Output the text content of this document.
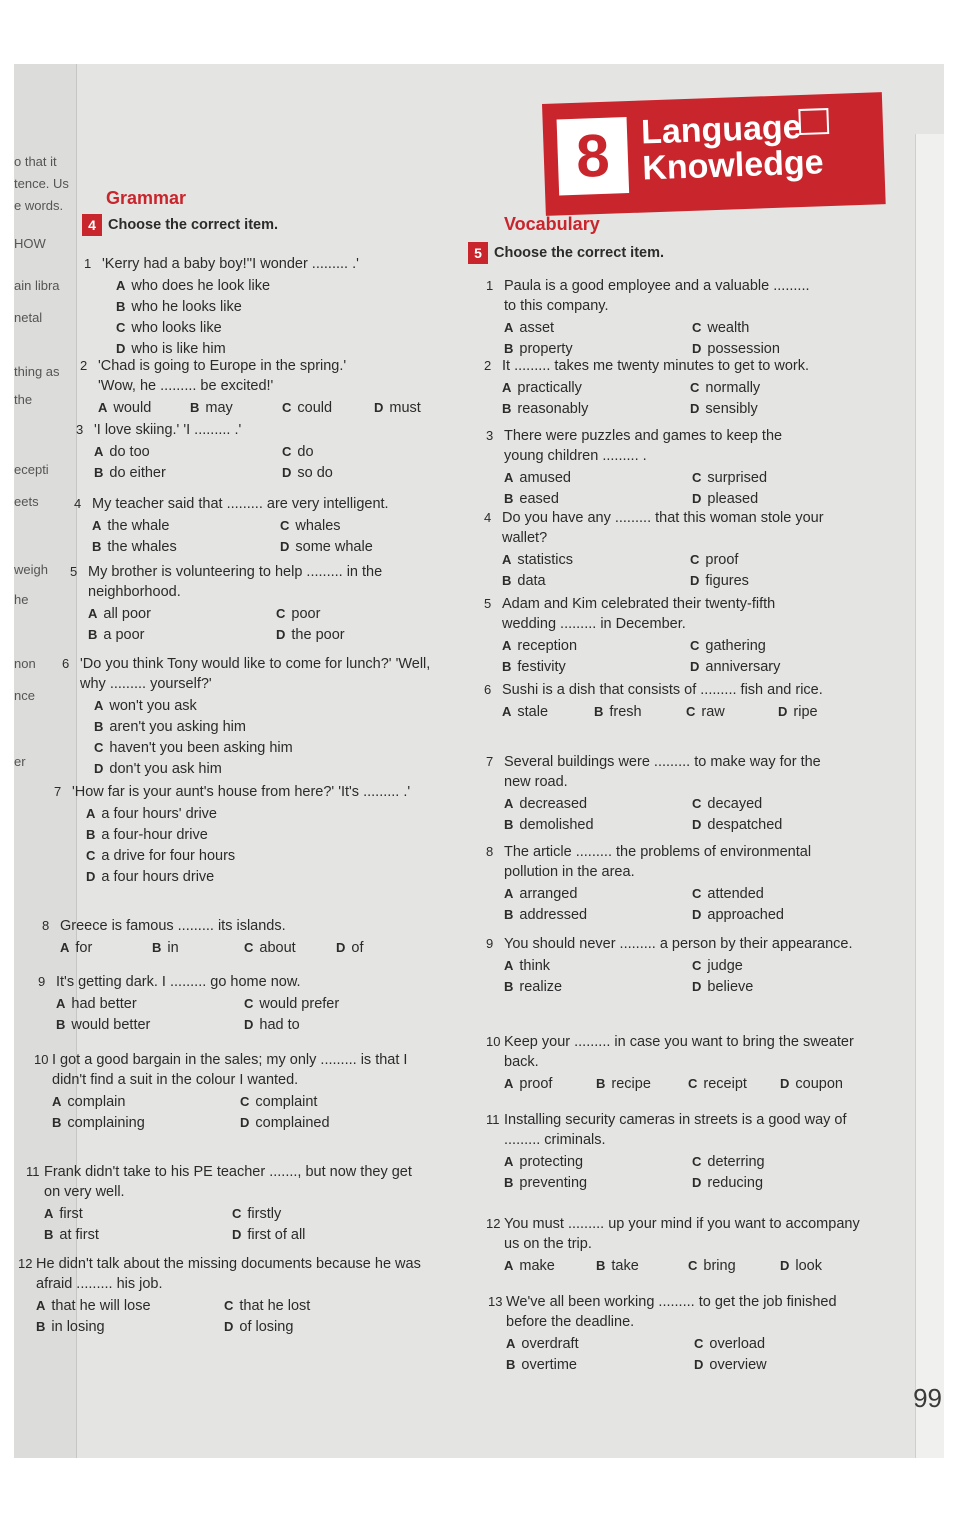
o that it
tence. Us
e words.
HOW
ain libra
netal
thing as
the
ecepti
eets
weigh
he
non
nce
er
8 Language
Knowledge
Grammar
4 Choose the correct item.	Vocabulary
5 Choose the correct item.
1 'Kerry had a baby boy!''I wonder ......... .'
A who does he look like
B who he looks like
C who looks like
D who is like him
2 'Chad is going to Europe in the spring.' 'Wow, he ......... be excited!'
A would	B may	C could	D must
3 'I love skiing.' 'I ......... .'
A do too
B do either
C do
D so do
4 My teacher said that ......... are very intelligent.
A the whale
B the whales
C whales
D some whale
5 My brother is volunteering to help ......... in the neighborhood.
A all poor
B a poor
C poor
D the poor
6 'Do you think Tony would like to come for lunch?' 'Well, why ......... yourself?'
A won't you ask
B aren't you asking him
C haven't you been asking him
D don't you ask him
7 'How far is your aunt's house from here?' 'It's ......... .'
A a four hours' drive
B a four-hour drive
C a drive for four hours
D a four hours drive
8 Greece is famous ......... its islands.
A for	B in	C about	D of
9 It's getting dark. I ......... go home now.
A had better
B would better
C would prefer
D had to
10 I got a good bargain in the sales; my only ......... is that I didn't find a suit in the colour I wanted.
A complain
B complaining
C complaint
D complained
11 Frank didn't take to his PE teacher ......., but now they get on very well.
A first
B at first
C firstly
D first of all
12 He didn't talk about the missing documents because he was afraid ......... his job.
A that he will lose
B in losing
C that he lost
D of losing
1 Paula is a good employee and a valuable ......... to this company.
A asset
B property
C wealth
D possession
2 It ......... takes me twenty minutes to get to work.
A practically
B reasonably
C normally
D sensibly
3 There were puzzles and games to keep the young children ......... .
A amused
B eased
C surprised
D pleased
4 Do you have any ......... that this woman stole your wallet?
A statistics
B data
C proof
D figures
5 Adam and Kim celebrated their twenty-fifth wedding ......... in December.
A reception
B festivity
C gathering
D anniversary
6 Sushi is a dish that consists of ......... fish and rice.
A stale	B fresh	C raw	D ripe
7 Several buildings were ......... to make way for the new road.
A decreased
B demolished
C decayed
D despatched
8 The article ......... the problems of environmental pollution in the area.
A arranged
B addressed
C attended
D approached
9 You should never ......... a person by their appearance.
A think
B realize
C judge
D believe
10 Keep your ......... in case you want to bring the sweater back.
A proof	B recipe	C receipt	D coupon
11 Installing security cameras in streets is a good way of ......... criminals.
A protecting
B preventing
C deterring
D reducing
12 You must ......... up your mind if you want to accompany us on the trip.
A make	B take	C bring	D look
13 We've all been working ......... to get the job finished before the deadline.
A overdraft
B overtime
C overload
D overview
99
